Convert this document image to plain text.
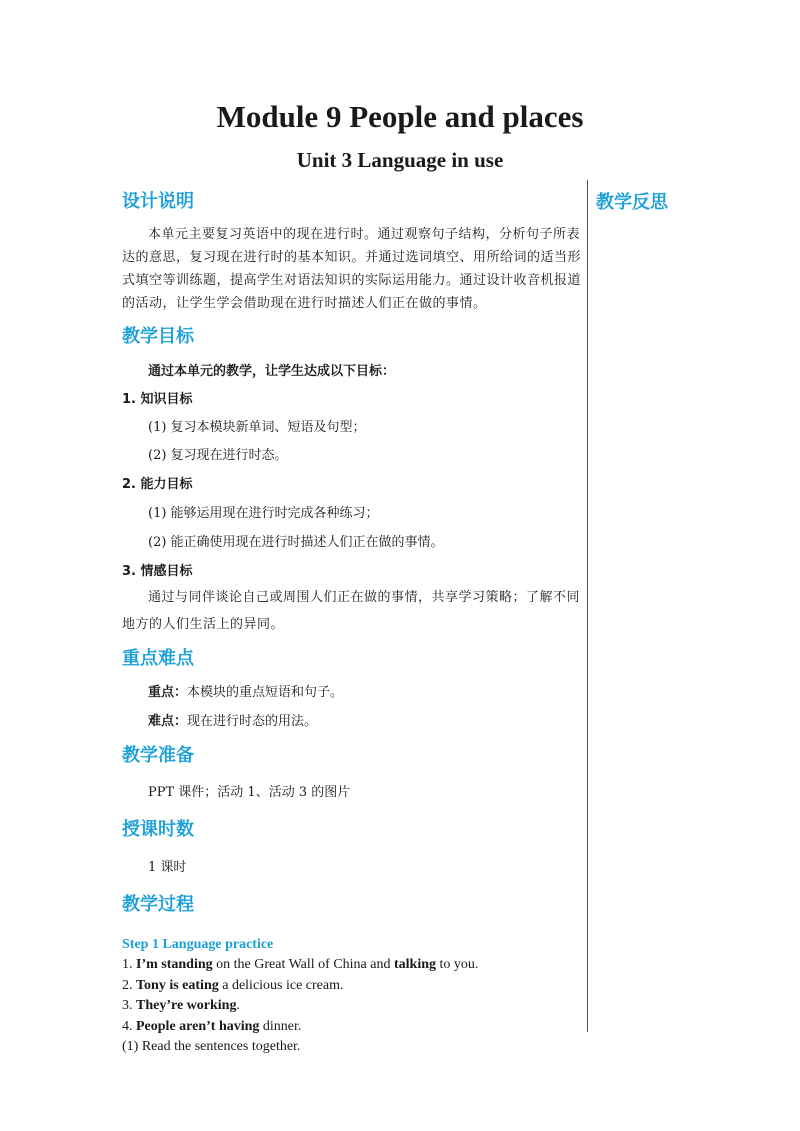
Module 9 People and places
Unit 3 Language in use
教学反思
设计说明

本单元主要复习英语中的现在进行时。通过观察句子结构，分析句子所表达的意思，复习现在进行时的基本知识。并通过选词填空、用所给词的适当形式填空等训练题，提高学生对语法知识的实际运用能力。通过设计收音机报道的活动，让学生学会借助现在进行时描述人们正在做的事情。

教学目标

通过本单元的教学，让学生达成以下目标：

1. 知识目标

(1) 复习本模块新单词、短语及句型；

(2) 复习现在进行时态。

2. 能力目标

(1) 能够运用现在进行时完成各种练习；

(2) 能正确使用现在进行时描述人们正在做的事情。

3. 情感目标

通过与同伴谈论自己或周围人们正在做的事情，共享学习策略；了解不同地方的人们生活上的异同。

重点难点

重点：本模块的重点短语和句子。

难点：现在进行时态的用法。

教学准备

PPT 课件；活动 1、活动 3 的图片

授课时数

1 课时

教学过程

Step 1 Language practice

1. I’m standing on the Great Wall of China and talking to you.

2. Tony is eating a delicious ice cream.

3. They’re working.

4. People aren’t having dinner.

(1) Read the sentences together.
